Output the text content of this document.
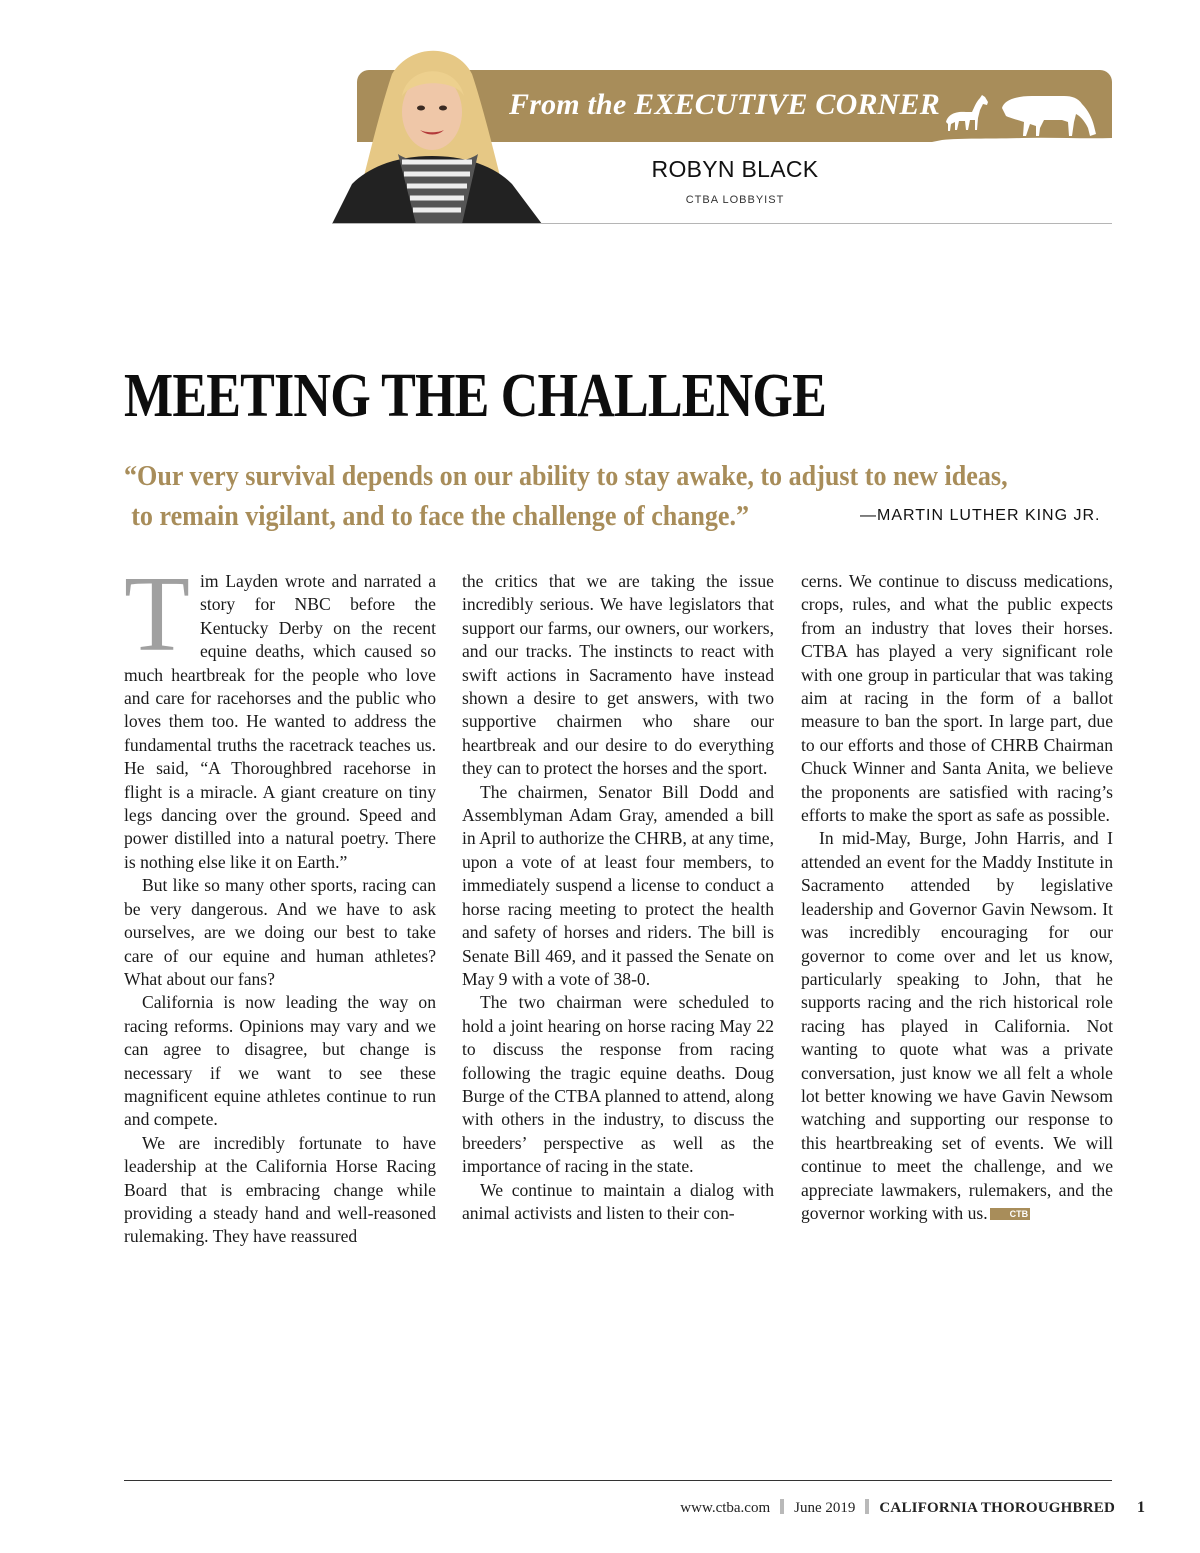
From the EXECUTIVE CORNER
ROBYN BLACK
CTBA LOBBYIST
MEETING THE CHALLENGE
“Our very survival depends on our ability to stay awake, to adjust to new ideas,
to remain vigilant, and to face the challenge of change.”	—MARTIN LUTHER KING JR.

Tim Layden wrote and narrated a story for NBC before the Kentucky Derby on the recent equine deaths, which caused so much heartbreak for the people who love and care for racehorses and the public who loves them too. He wanted to address the fundamental truths the racetrack teaches us. He said, “A Thoroughbred racehorse in flight is a miracle. A giant creature on tiny legs dancing over the ground. Speed and power distilled into a natural poetry. There is nothing else like it on Earth.”

But like so many other sports, racing can be very dangerous. And we have to ask ourselves, are we doing our best to take care of our equine and human athletes? What about our fans?

California is now leading the way on racing reforms. Opinions may vary and we can agree to disagree, but change is necessary if we want to see these magnificent equine athletes continue to run and compete.

We are incredibly fortunate to have leadership at the California Horse Racing Board that is embracing change while providing a steady hand and well-reasoned rulemaking. They have reassured

the critics that we are taking the issue incredibly serious. We have legislators that support our farms, our owners, our workers, and our tracks. The instincts to react with swift actions in Sacramento have instead shown a desire to get answers, with two supportive chairmen who share our heartbreak and our desire to do everything they can to protect the horses and the sport.

The chairmen, Senator Bill Dodd and Assemblyman Adam Gray, amended a bill in April to authorize the CHRB, at any time, upon a vote of at least four members, to immediately suspend a license to conduct a horse racing meeting to protect the health and safety of horses and riders. The bill is Senate Bill 469, and it passed the Senate on May 9 with a vote of 38-0.

The two chairman were scheduled to hold a joint hearing on horse racing May 22 to discuss the response from racing following the tragic equine deaths. Doug Burge of the CTBA planned to attend, along with others in the industry, to discuss the breeders’ perspective as well as the importance of racing in the state.

We continue to maintain a dialog with animal activists and listen to their con-

cerns. We continue to discuss medications, crops, rules, and what the public expects from an industry that loves their horses. CTBA has played a very significant role with one group in particular that was taking aim at racing in the form of a ballot measure to ban the sport. In large part, due to our efforts and those of CHRB Chairman Chuck Winner and Santa Anita, we believe the proponents are satisfied with racing’s efforts to make the sport as safe as possible.

In mid-May, Burge, John Harris, and I attended an event for the Maddy Institute in Sacramento attended by legislative leadership and Governor Gavin Newsom. It was incredibly encouraging for our governor to come over and let us know, particularly speaking to John, that he supports racing and the rich historical role racing has played in California. Not wanting to quote what was a private conversation, just know we all felt a whole lot better knowing we have Gavin Newsom watching and supporting our response to this heartbreaking set of events. We will continue to meet the challenge, and we appreciate lawmakers, rulemakers, and the governor working with us. CTB

www.ctba.com June 2019 CALIFORNIA THOROUGHBRED 1
